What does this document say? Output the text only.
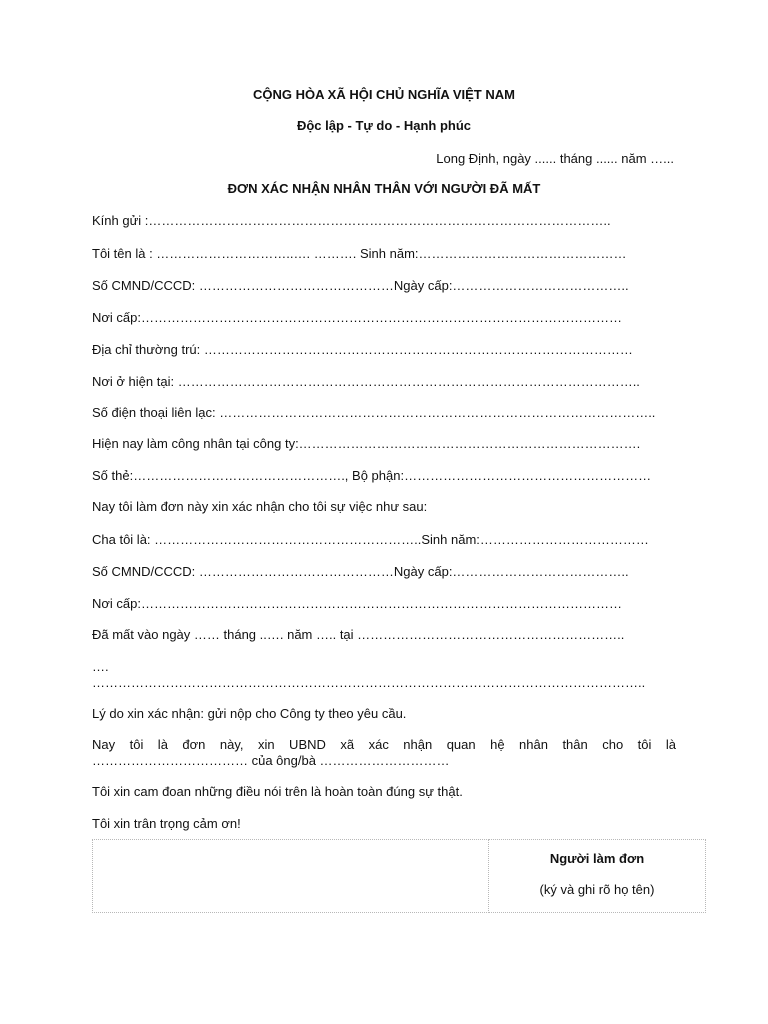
CỘNG HÒA XÃ HỘI CHỦ NGHĨA VIỆT NAM
Độc lập - Tự do - Hạnh phúc
Long Định, ngày ...... tháng ...... năm …...
ĐƠN XÁC NHẬN NHÂN THÂN VỚI NGƯỜI ĐÃ MẤT
Kính gửi :……………………………………………………………………………………………..
Tôi tên là : …………………………..…. ………. Sinh năm:…………………………………………
Số CMND/CCCD: ………………………………………Ngày cấp:…………………………………..
Nơi cấp:…………………………………………………………………………………………………
Địa chỉ thường trú: ………………………………………………………………………………………
Nơi ở hiện tại: ……………………………………………………………………………………………..
Số điện thoại liên lạc: ………………………………………………………………………………………..
Hiện nay làm công nhân tại công ty:…………………………………………………………………….
Số thẻ:…………………………………………., Bộ phận:…………………………………………………
Nay tôi làm đơn này xin xác nhận cho tôi sự việc như sau:
Cha tôi là: ……………………………………………………..Sinh năm:…………………………………
Số CMND/CCCD: ………………………………………Ngày cấp:…………………………………..
Nơi cấp:…………………………………………………………………………………………………
Đã mất vào ngày …… tháng ..…. năm ….. tại ……………………………………………………..
….
………………………………………………………………………………………………………………..
Lý do xin xác nhận: gửi nộp cho Công ty theo yêu cầu.
Nay tôi là đơn này, xin UBND xã xác nhận quan hệ nhân thân cho tôi là
……………………………… của ông/bà …………………………
Tôi xin cam đoan những điều nói trên là hoàn toàn đúng sự thật.
Tôi xin trân trọng cảm ơn!

Người làm đơn
(ký và ghi rõ họ tên)
